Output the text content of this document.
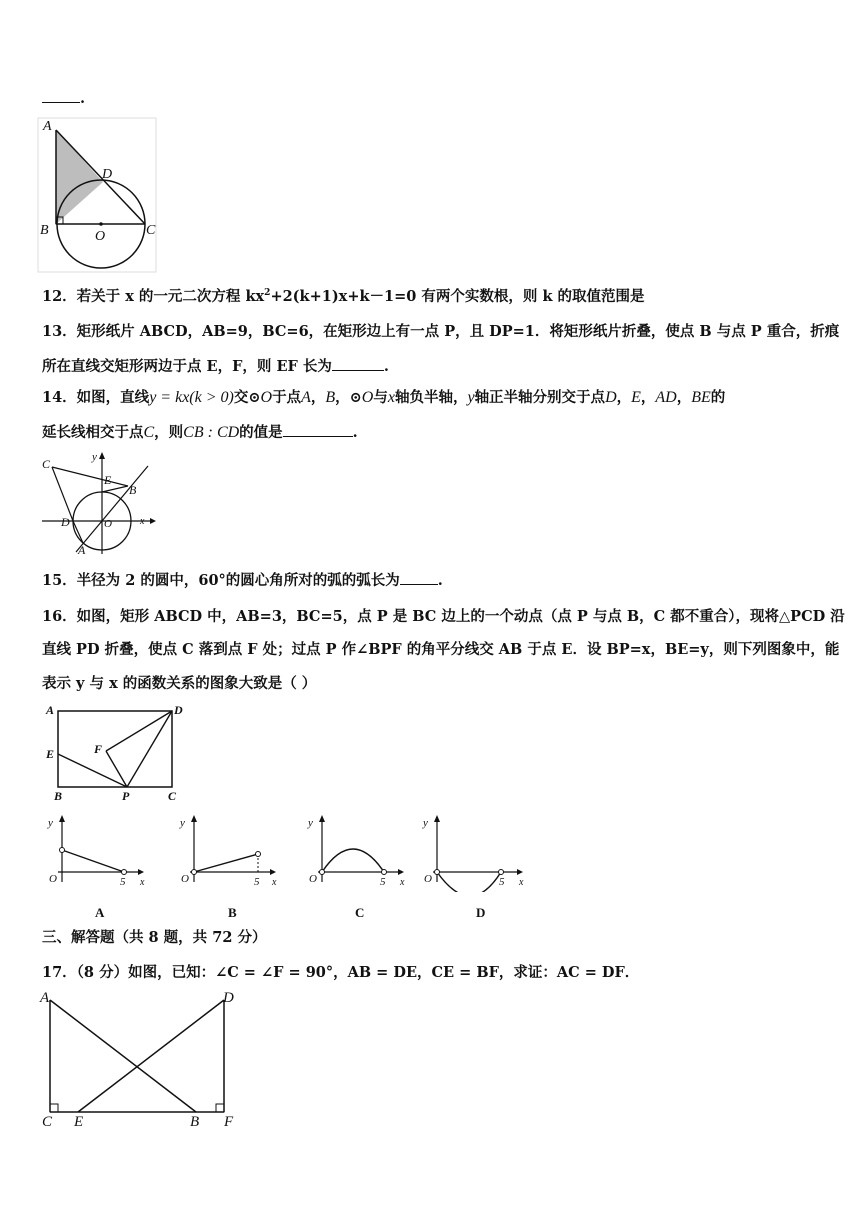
.
A
D
B	O	C
12．若关于 x 的一元二次方程 $kx^2+2(k+1)x+k-1=0$ 有两个实数根，则 k 的取值范围是
13．矩形纸片 ABCD，AB=9，BC=6，在矩形边上有一点 P，且 DP=1．将矩形纸片折叠，使点 B 与点 P 重合，折痕
所在直线交矩形两边于点 E，F，则 EF 长为	.
14．如图，直线y = kx(k > 0)交⊙O于点A，B，⊙O与x轴负半轴，y轴正半轴分别交于点D，E，AD，BE的
延长线相交于点C，则CB : CD的值是	.
C	y
E
B
D	O	x
A
15．半径为 2 的圆中，60°的圆心角所对的弧的弧长为	.
16．如图，矩形 ABCD 中，AB=3，BC=5，点 P 是 BC 边上的一个动点（点 P 与点 B，C 都不重合），现将△PCD 沿
直线 PD 折叠，使点 C 落到点 F 处；过点 P 作∠BPF 的角平分线交 AB 于点 E．设 BP=x，BE=y，则下列图象中，能
表示 y 与 x 的函数关系的图象大致是（ ）
A	D
E	F
B	P	C
y
O	5 x
y
O	5 x
y
O	5 x
y
O	5 x
A	B	C	D
三、解答题（共 8 题，共 72 分）
17．（8 分）如图，已知：∠C = ∠F = 90°，AB = DE，CE = BF，求证：AC = DF．
A	D
C E	B F
